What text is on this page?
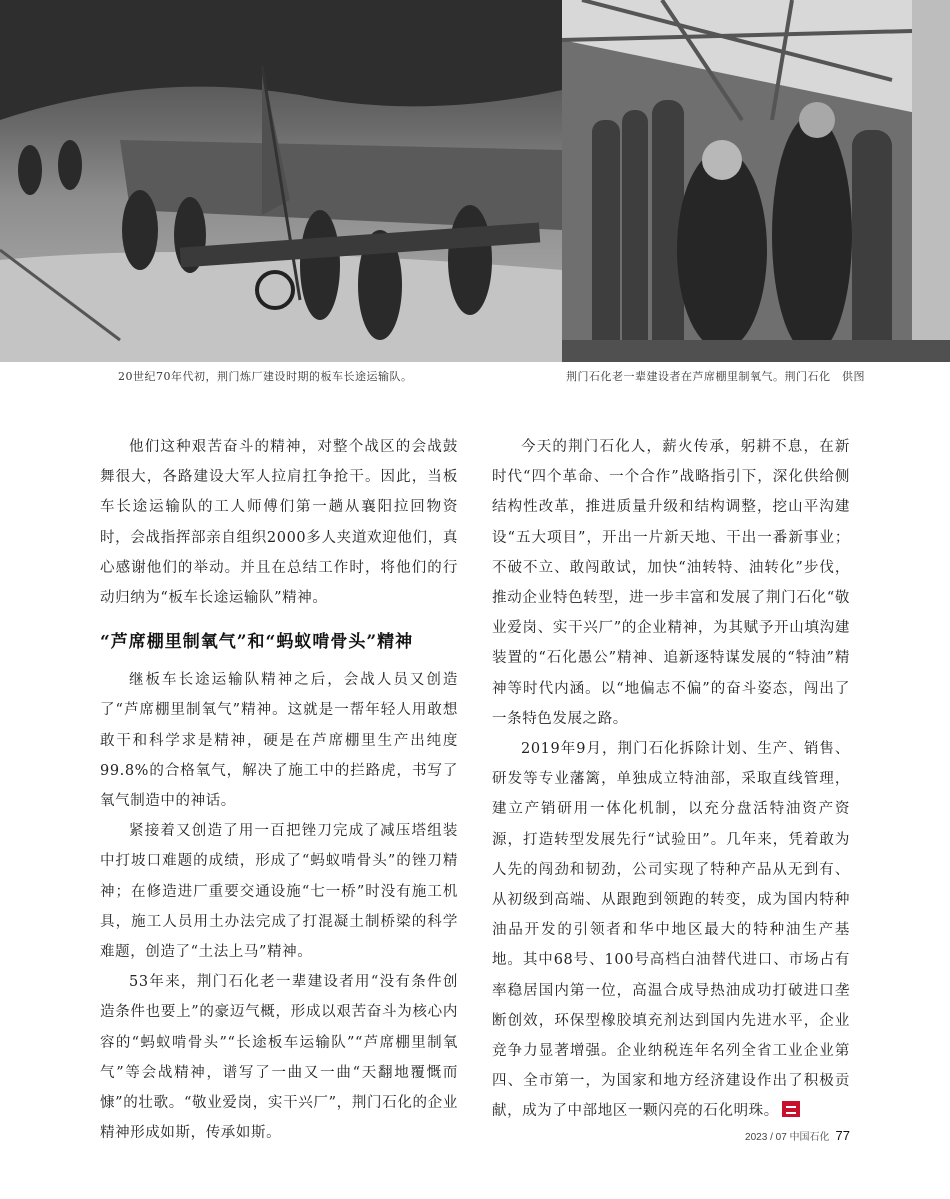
20世纪70年代初，荆门炼厂建设时期的板车长途运输队。	荆门石化老一辈建设者在芦席棚里制氧气。荆门石化　供图

他们这种艰苦奋斗的精神，对整个战区的会战鼓舞很大，各路建设大军人拉肩扛争抢干。因此，当板车长途运输队的工人师傅们第一趟从襄阳拉回物资时，会战指挥部亲自组织2000多人夹道欢迎他们，真心感谢他们的举动。并且在总结工作时，将他们的行动归纳为“板车长途运输队”精神。

“芦席棚里制氧气”和“蚂蚁啃骨头”精神

继板车长途运输队精神之后，会战人员又创造了“芦席棚里制氧气”精神。这就是一帮年轻人用敢想敢干和科学求是精神，硬是在芦席棚里生产出纯度99.8%的合格氧气，解决了施工中的拦路虎，书写了氧气制造中的神话。

紧接着又创造了用一百把锉刀完成了减压塔组装中打坡口难题的成绩，形成了“蚂蚁啃骨头”的锉刀精神；在修造进厂重要交通设施“七一桥”时没有施工机具，施工人员用土办法完成了打混凝土制桥梁的科学难题，创造了“土法上马”精神。

53年来，荆门石化老一辈建设者用“没有条件创造条件也要上”的豪迈气概，形成以艰苦奋斗为核心内容的“蚂蚁啃骨头”“长途板车运输队”“芦席棚里制氧气”等会战精神，谱写了一曲又一曲“天翻地覆慨而慷”的壮歌。“敬业爱岗，实干兴厂”，荆门石化的企业精神形成如斯，传承如斯。

今天的荆门石化人，薪火传承，躬耕不息，在新时代“四个革命、一个合作”战略指引下，深化供给侧结构性改革，推进质量升级和结构调整，挖山平沟建设“五大项目”，开出一片新天地、干出一番新事业；不破不立、敢闯敢试，加快“油转特、油转化”步伐，推动企业特色转型，进一步丰富和发展了荆门石化“敬业爱岗、实干兴厂”的企业精神，为其赋予开山填沟建装置的“石化愚公”精神、追新逐特谋发展的“特油”精神等时代内涵。以“地偏志不偏”的奋斗姿态，闯出了一条特色发展之路。

2019年9月，荆门石化拆除计划、生产、销售、研发等专业藩篱，单独成立特油部，采取直线管理，建立产销研用一体化机制，以充分盘活特油资产资源，打造转型发展先行“试验田”。几年来，凭着敢为人先的闯劲和韧劲，公司实现了特种产品从无到有、从初级到高端、从跟跑到领跑的转变，成为国内特种油品开发的引领者和华中地区最大的特种油生产基地。其中68号、100号高档白油替代进口、市场占有率稳居国内第一位，高温合成导热油成功打破进口垄断创效，环保型橡胶填充剂达到国内先进水平，企业竞争力显著增强。企业纳税连年名列全省工业企业第四、全市第一，为国家和地方经济建设作出了积极贡献，成为了中部地区一颗闪亮的石化明珠。

2023 / 07 中国石化 77
